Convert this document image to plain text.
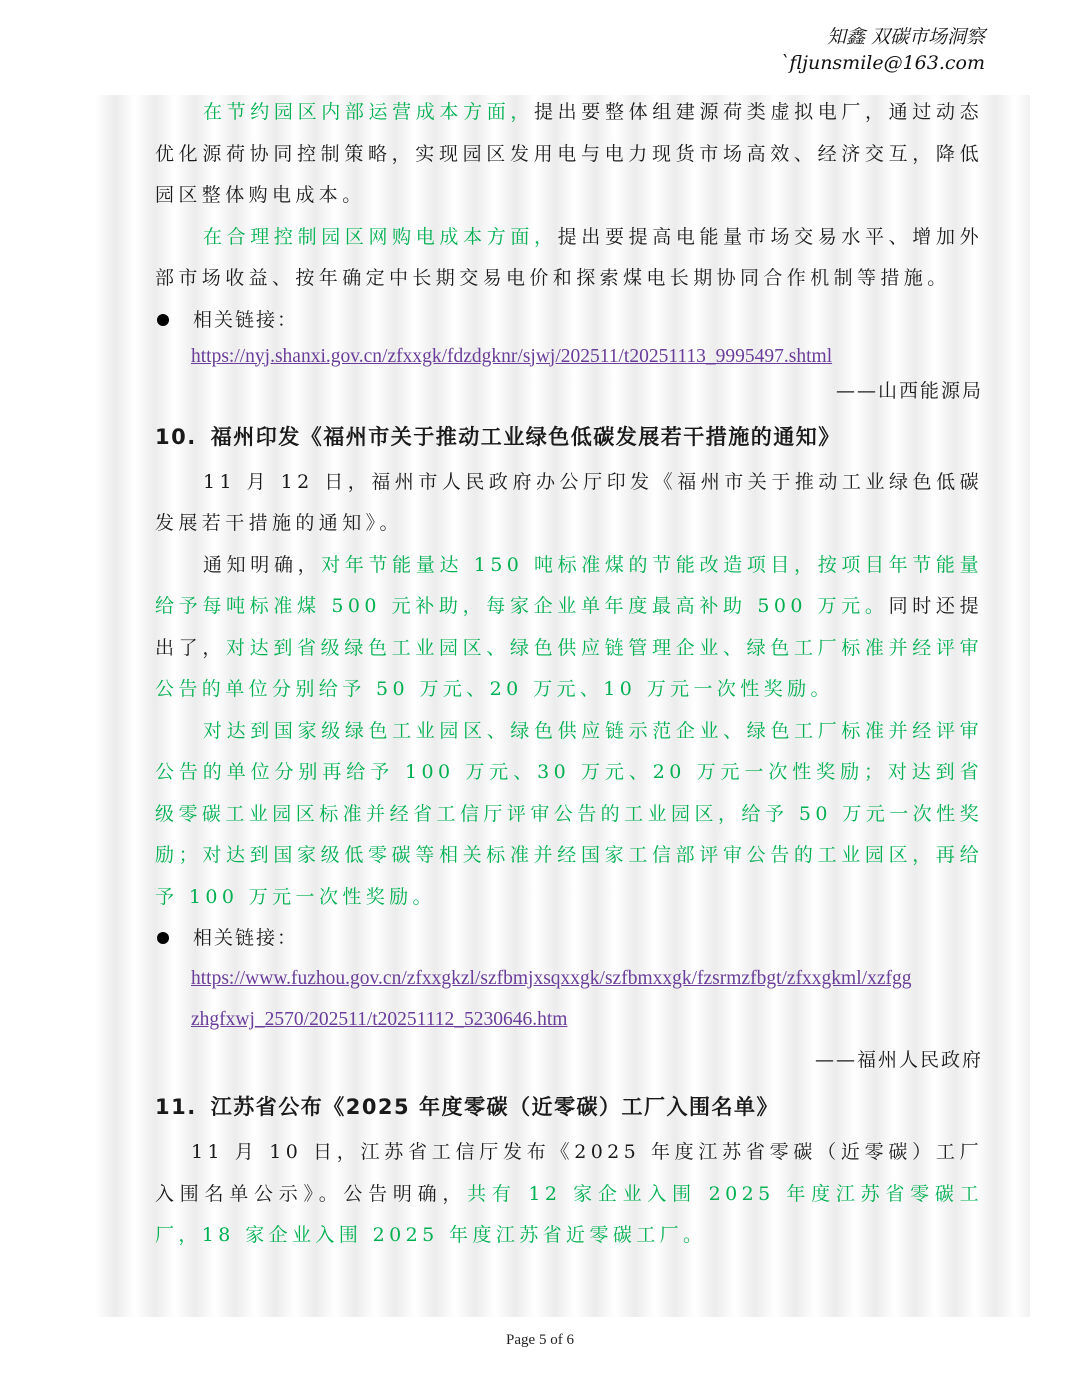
知鑫 双碳市场洞察
`fljunsmile@163.com

在节约园区内部运营成本方面，提出要整体组建源荷类虚拟电厂，通过动态优化源荷协同控制策略，实现园区发用电与电力现货市场高效、经济交互，降低园区整体购电成本。

在合理控制园区网购电成本方面，提出要提高电能量市场交易水平、增加外部市场收益、按年确定中长期交易电价和探索煤电长期协同合作机制等措施。

相关链接：

https://nyj.shanxi.gov.cn/zfxxgk/fdzdgknr/sjwj/202511/t20251113_9995497.shtml

——山西能源局

10. 福州印发《福州市关于推动工业绿色低碳发展若干措施的通知》

11 月 12 日，福州市人民政府办公厅印发《福州市关于推动工业绿色低碳发展若干措施的通知》。

通知明确，对年节能量达 150 吨标准煤的节能改造项目，按项目年节能量给予每吨标准煤 500 元补助，每家企业单年度最高补助 500 万元。同时还提出了，对达到省级绿色工业园区、绿色供应链管理企业、绿色工厂标准并经评审公告的单位分别给予 50 万元、20 万元、10 万元一次性奖励。

对达到国家级绿色工业园区、绿色供应链示范企业、绿色工厂标准并经评审公告的单位分别再给予 100 万元、30 万元、20 万元一次性奖励；对达到省级零碳工业园区标准并经省工信厅评审公告的工业园区，给予 50 万元一次性奖励；对达到国家级低零碳等相关标准并经国家工信部评审公告的工业园区，再给予 100 万元一次性奖励。

相关链接：

https://www.fuzhou.gov.cn/zfxxgkzl/szfbmjxsqxxgk/szfbmxxgk/fzsrmzfbgt/zfxxgkml/xzfgg
zhgfxwj_2570/202511/t20251112_5230646.htm

——福州人民政府

11. 江苏省公布《2025 年度零碳（近零碳）工厂入围名单》

11 月 10 日，江苏省工信厅发布《2025 年度江苏省零碳（近零碳）工厂入围名单公示》。公告明确，共有 12 家企业入围 2025 年度江苏省零碳工厂，18 家企业入围 2025 年度江苏省近零碳工厂。

Page 5 of 6
